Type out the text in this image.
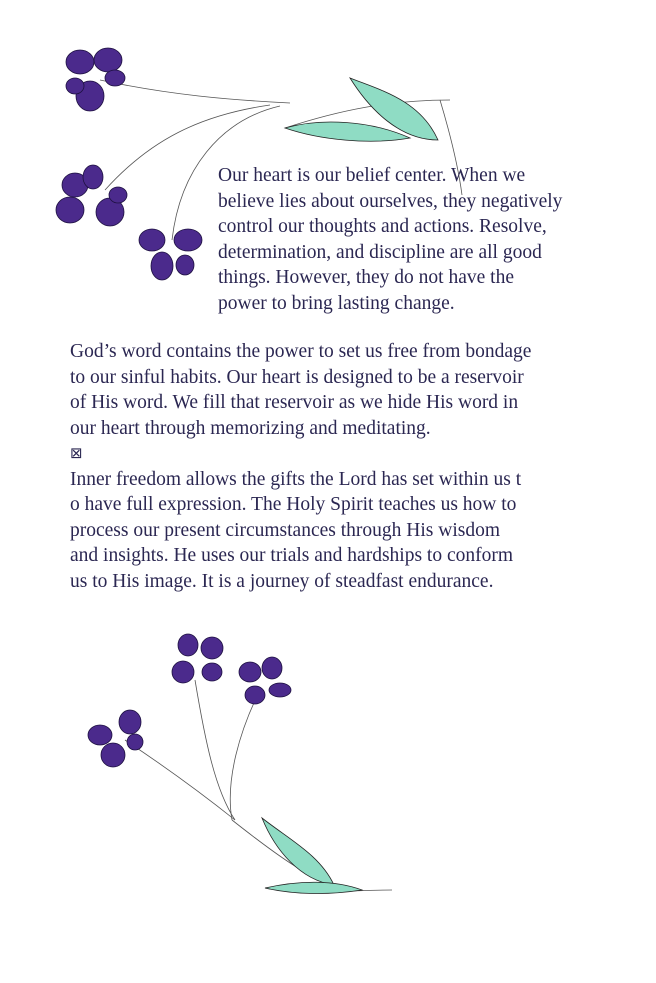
Our heart is our belief center. When we
believe lies about ourselves, they negatively
control our thoughts and actions. Resolve,
determination, and discipline are all good
things. However, they do not have the
power to bring lasting change.
God’s word contains the power to set us free from bondage
to our sinful habits. Our heart is designed to be a reservoir
of His word. We fill that reservoir as we hide His word in
our heart through memorizing and meditating.
⊠
Inner freedom allows the gifts the Lord has set within us t
o have full expression. The Holy Spirit teaches us how to
process our present circumstances through His wisdom
and insights. He uses our trials and hardships to conform
us to His image. It is a journey of steadfast endurance.
